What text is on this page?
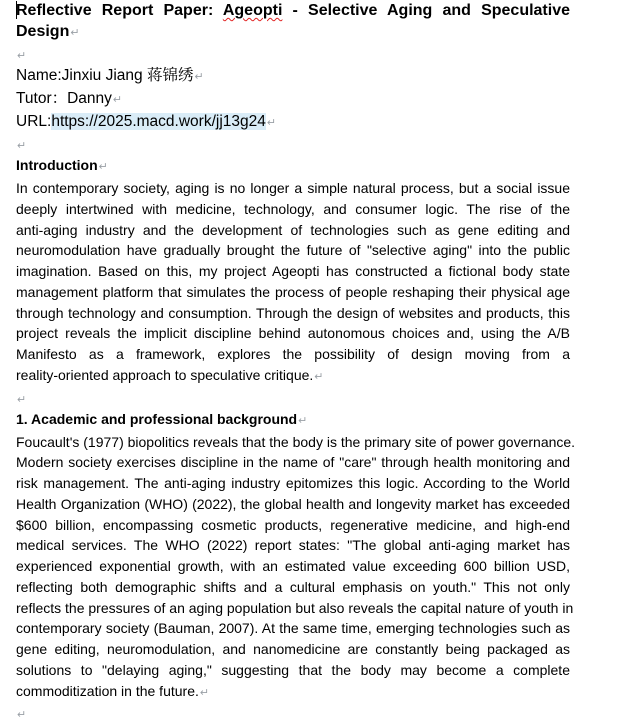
Reflective Report Paper: Ageopti - Selective Aging and Speculative
Design↵

↵

Name:Jinxiu Jiang 蒋锦绣↵

Tutor：Danny↵

URL:https://2025.macd.work/jj13g24↵

↵

Introduction↵

In contemporary society, aging is no longer a simple natural process, but a social issue
deeply intertwined with medicine, technology, and consumer logic. The rise of the
anti-aging industry and the development of technologies such as gene editing and
neuromodulation have gradually brought the future of "selective aging" into the public
imagination. Based on this, my project Ageopti has constructed a fictional body state
management platform that simulates the process of people reshaping their physical age
through technology and consumption. Through the design of websites and products, this
project reveals the implicit discipline behind autonomous choices and, using the A/B
Manifesto as a framework, explores the possibility of design moving from a
reality-oriented approach to speculative critique.↵

↵

1. Academic and professional background↵

Foucault's (1977) biopolitics reveals that the body is the primary site of power governance.
Modern society exercises discipline in the name of "care" through health monitoring and
risk management. The anti-aging industry epitomizes this logic. According to the World
Health Organization (WHO) (2022), the global health and longevity market has exceeded
$600 billion, encompassing cosmetic products, regenerative medicine, and high-end
medical services. The WHO (2022) report states: "The global anti-aging market has
experienced exponential growth, with an estimated value exceeding 600 billion USD,
reflecting both demographic shifts and a cultural emphasis on youth." This not only
reflects the pressures of an aging population but also reveals the capital nature of youth in
contemporary society (Bauman, 2007). At the same time, emerging technologies such as
gene editing, neuromodulation, and nanomedicine are constantly being packaged as
solutions to "delaying aging," suggesting that the body may become a complete
commoditization in the future.↵

↵
